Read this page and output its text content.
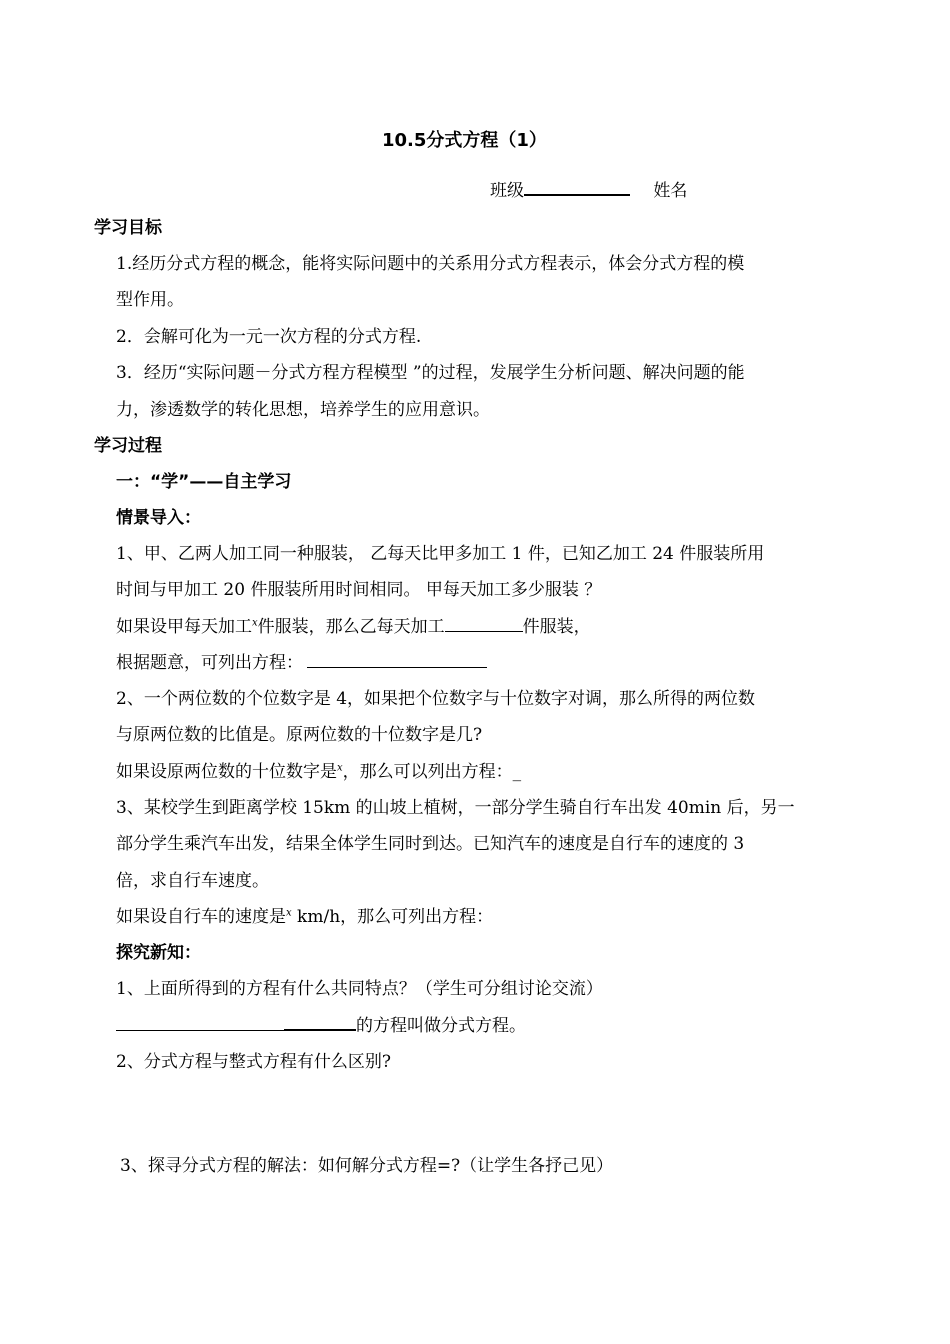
10.5分式方程（1）
班级	姓名
学习目标
1.经历分式方程的概念，能将实际问题中的关系用分式方程表示，体会分式方程的模
型作用。
2．会解可化为一元一次方程的分式方程.
3．经历“实际问题－分式方程方程模型 ”的过程，发展学生分析问题、解决问题的能
力，渗透数学的转化思想，培养学生的应用意识。
学习过程
一：“学”——自主学习
情景导入：
1、甲、乙两人加工同一种服装， 乙每天比甲多加工 1 件，已知乙加工 24 件服装所用
时间与甲加工 20 件服装所用时间相同。 甲每天加工多少服装 ？
如果设甲每天加工$^x$件服装，那么乙每天加工	件服装，
根据题意，可列出方程：
2、一个两位数的个位数字是 4，如果把个位数字与十位数字对调，那么所得的两位数
与原两位数的比值是。原两位数的十位数字是几?
如果设原两位数的十位数字是$^x$，那么可以列出方程：_
3、某校学生到距离学校 15km 的山坡上植树，一部分学生骑自行车出发 40min 后，另一
部分学生乘汽车出发，结果全体学生同时到达。已知汽车的速度是自行车的速度的 3
倍，求自行车速度。
如果设自行车的速度是$^x$ km/h，那么可列出方程：
探究新知：
1、上面所得到的方程有什么共同特点？（学生可分组讨论交流）
的方程叫做分式方程。
2、分式方程与整式方程有什么区别?
3、探寻分式方程的解法：如何解分式方程=?（让学生各抒己见）
